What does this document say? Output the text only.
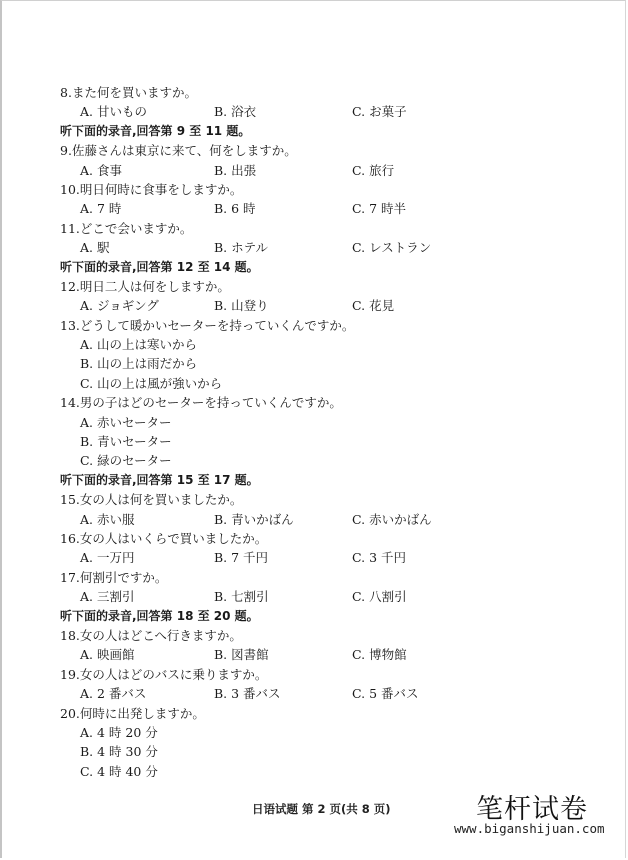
8.また何を買いますか。
A. 甘いもの	B. 浴衣	C. お菓子
听下面的录音,回答第 9 至 11 题。
9.佐藤さんは東京に来て、何をしますか。
A. 食事	B. 出張	C. 旅行
10.明日何時に食事をしますか。
A. 7 時	B. 6 時	C. 7 時半
11.どこで会いますか。
A. 駅	B. ホテル	C. レストラン
听下面的录音,回答第 12 至 14 题。
12.明日二人は何をしますか。
A. ジョギング	B. 山登り	C. 花見
13.どうして暖かいセーターを持っていくんですか。
A. 山の上は寒いから
B. 山の上は雨だから
C. 山の上は風が強いから
14.男の子はどのセーターを持っていくんですか。
A. 赤いセーター
B. 青いセーター
C. 緑のセーター
听下面的录音,回答第 15 至 17 题。
15.女の人は何を買いましたか。
A. 赤い服	B. 青いかばん	C. 赤いかばん
16.女の人はいくらで買いましたか。
A. 一万円	B. 7 千円	C. 3 千円
17.何割引ですか。
A. 三割引	B. 七割引	C. 八割引
听下面的录音,回答第 18 至 20 题。
18.女の人はどこへ行きますか。
A. 映画館	B. 図書館	C. 博物館
19.女の人はどのバスに乗りますか。
A. 2 番バス	B. 3 番バス	C. 5 番バス
20.何時に出発しますか。
A. 4 時 20 分
B. 4 時 30 分
C. 4 時 40 分
日语试题 第 2 页(共 8 页)	笔杆试卷
www.biganshijuan.com
